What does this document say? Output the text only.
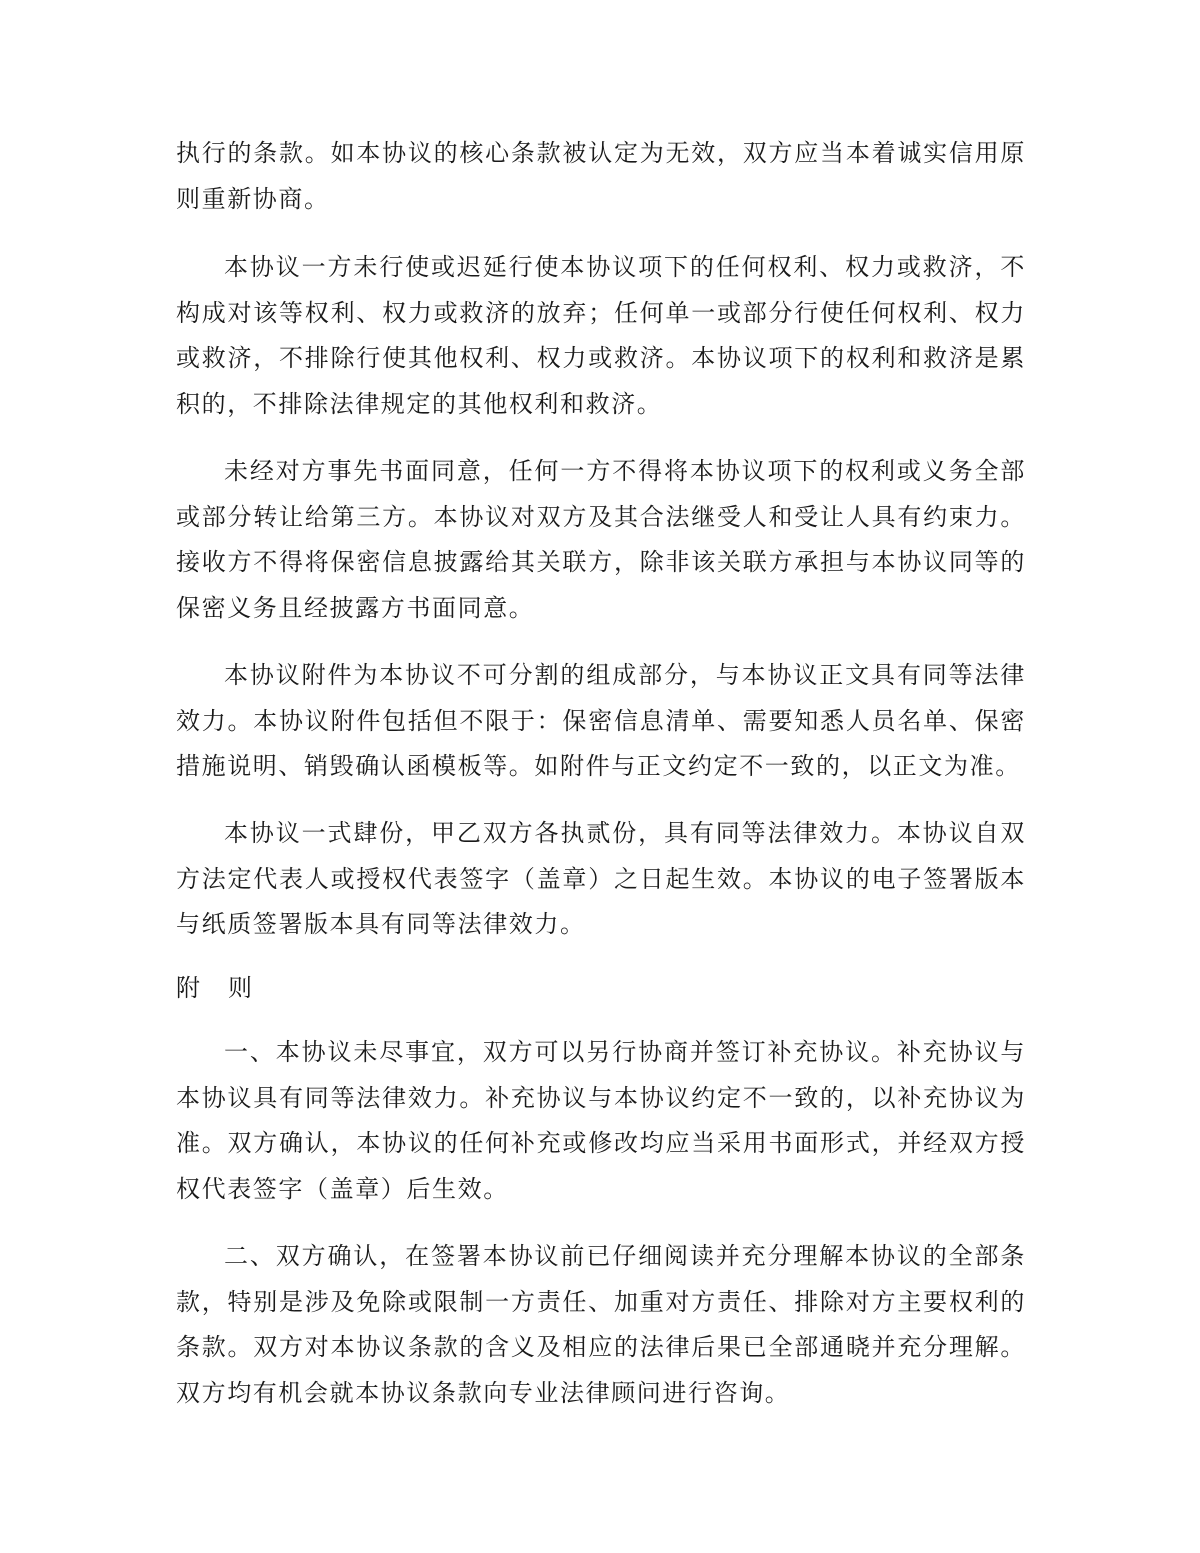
执行的条款。如本协议的核心条款被认定为无效，双方应当本着诚实信用原则重新协商。

本协议一方未行使或迟延行使本协议项下的任何权利、权力或救济，不构成对该等权利、权力或救济的放弃；任何单一或部分行使任何权利、权力或救济，不排除行使其他权利、权力或救济。本协议项下的权利和救济是累积的，不排除法律规定的其他权利和救济。

未经对方事先书面同意，任何一方不得将本协议项下的权利或义务全部或部分转让给第三方。本协议对双方及其合法继受人和受让人具有约束力。接收方不得将保密信息披露给其关联方，除非该关联方承担与本协议同等的保密义务且经披露方书面同意。

本协议附件为本协议不可分割的组成部分，与本协议正文具有同等法律效力。本协议附件包括但不限于：保密信息清单、需要知悉人员名单、保密措施说明、销毁确认函模板等。如附件与正文约定不一致的，以正文为准。

本协议一式肆份，甲乙双方各执贰份，具有同等法律效力。本协议自双方法定代表人或授权代表签字（盖章）之日起生效。本协议的电子签署版本与纸质签署版本具有同等法律效力。

附 则

一、本协议未尽事宜，双方可以另行协商并签订补充协议。补充协议与本协议具有同等法律效力。补充协议与本协议约定不一致的，以补充协议为准。双方确认，本协议的任何补充或修改均应当采用书面形式，并经双方授权代表签字（盖章）后生效。

二、双方确认，在签署本协议前已仔细阅读并充分理解本协议的全部条款，特别是涉及免除或限制一方责任、加重对方责任、排除对方主要权利的条款。双方对本协议条款的含义及相应的法律后果已全部通晓并充分理解。双方均有机会就本协议条款向专业法律顾问进行咨询。
